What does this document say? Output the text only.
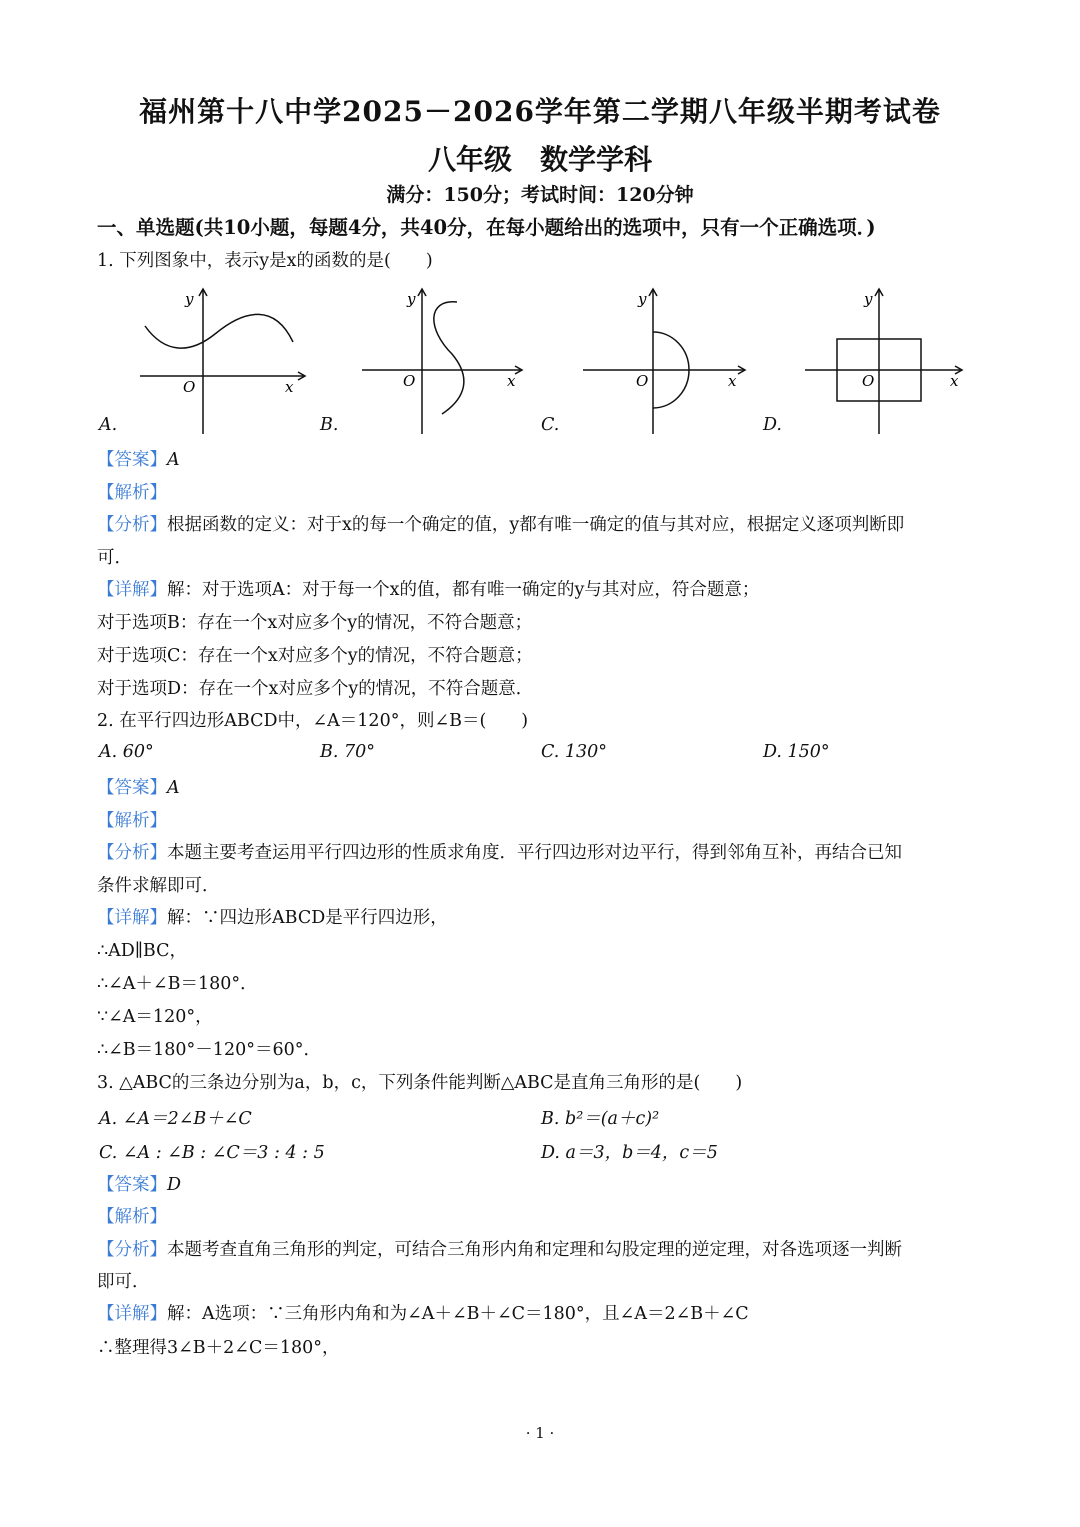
福州第十八中学2025－2026学年第二学期八年级半期考试卷
八年级 数学学科
满分：150分；考试时间：120分钟
一、单选题(共10小题，每题4分，共40分，在每小题给出的选项中，只有一个正确选项．)
1. 下列图象中，表示y是x的函数的是(　　)
y
x
O
y
x
O
y
x
O
y
x
O
A.	B.	C.	D.
【答案】A
【解析】
【分析】根据函数的定义：对于x的每一个确定的值，y都有唯一确定的值与其对应，根据定义逐项判断即
可．
【详解】解：对于选项A：对于每一个x的值，都有唯一确定的y与其对应，符合题意；
对于选项B：存在一个x对应多个y的情况，不符合题意；
对于选项C：存在一个x对应多个y的情况，不符合题意；
对于选项D：存在一个x对应多个y的情况，不符合题意．
2. 在平行四边形ABCD中，∠A＝120°，则∠B＝(　　)
A. 60°	B. 70°	C. 130°	D. 150°
【答案】A
【解析】
【分析】本题主要考查运用平行四边形的性质求角度．平行四边形对边平行，得到邻角互补，再结合已知
条件求解即可．
【详解】解：∵四边形ABCD是平行四边形，
∴AD∥BC，
∴∠A＋∠B＝180°．
∵∠A＝120°，
∴∠B＝180°－120°＝60°．
3. △ABC的三条边分别为a，b，c，下列条件能判断△ABC是直角三角形的是(　　)
A. ∠A＝2∠B＋∠C	B. b²＝(a＋c)²
C. ∠A : ∠B : ∠C＝3 : 4 : 5	D. a＝3，b＝4，c＝5
【答案】D
【解析】
【分析】本题考查直角三角形的判定，可结合三角形内角和定理和勾股定理的逆定理，对各选项逐一判断
即可．
【详解】解：A选项：∵三角形内角和为∠A＋∠B＋∠C＝180°，且∠A＝2∠B＋∠C
∴整理得3∠B＋2∠C＝180°，
· 1 ·
